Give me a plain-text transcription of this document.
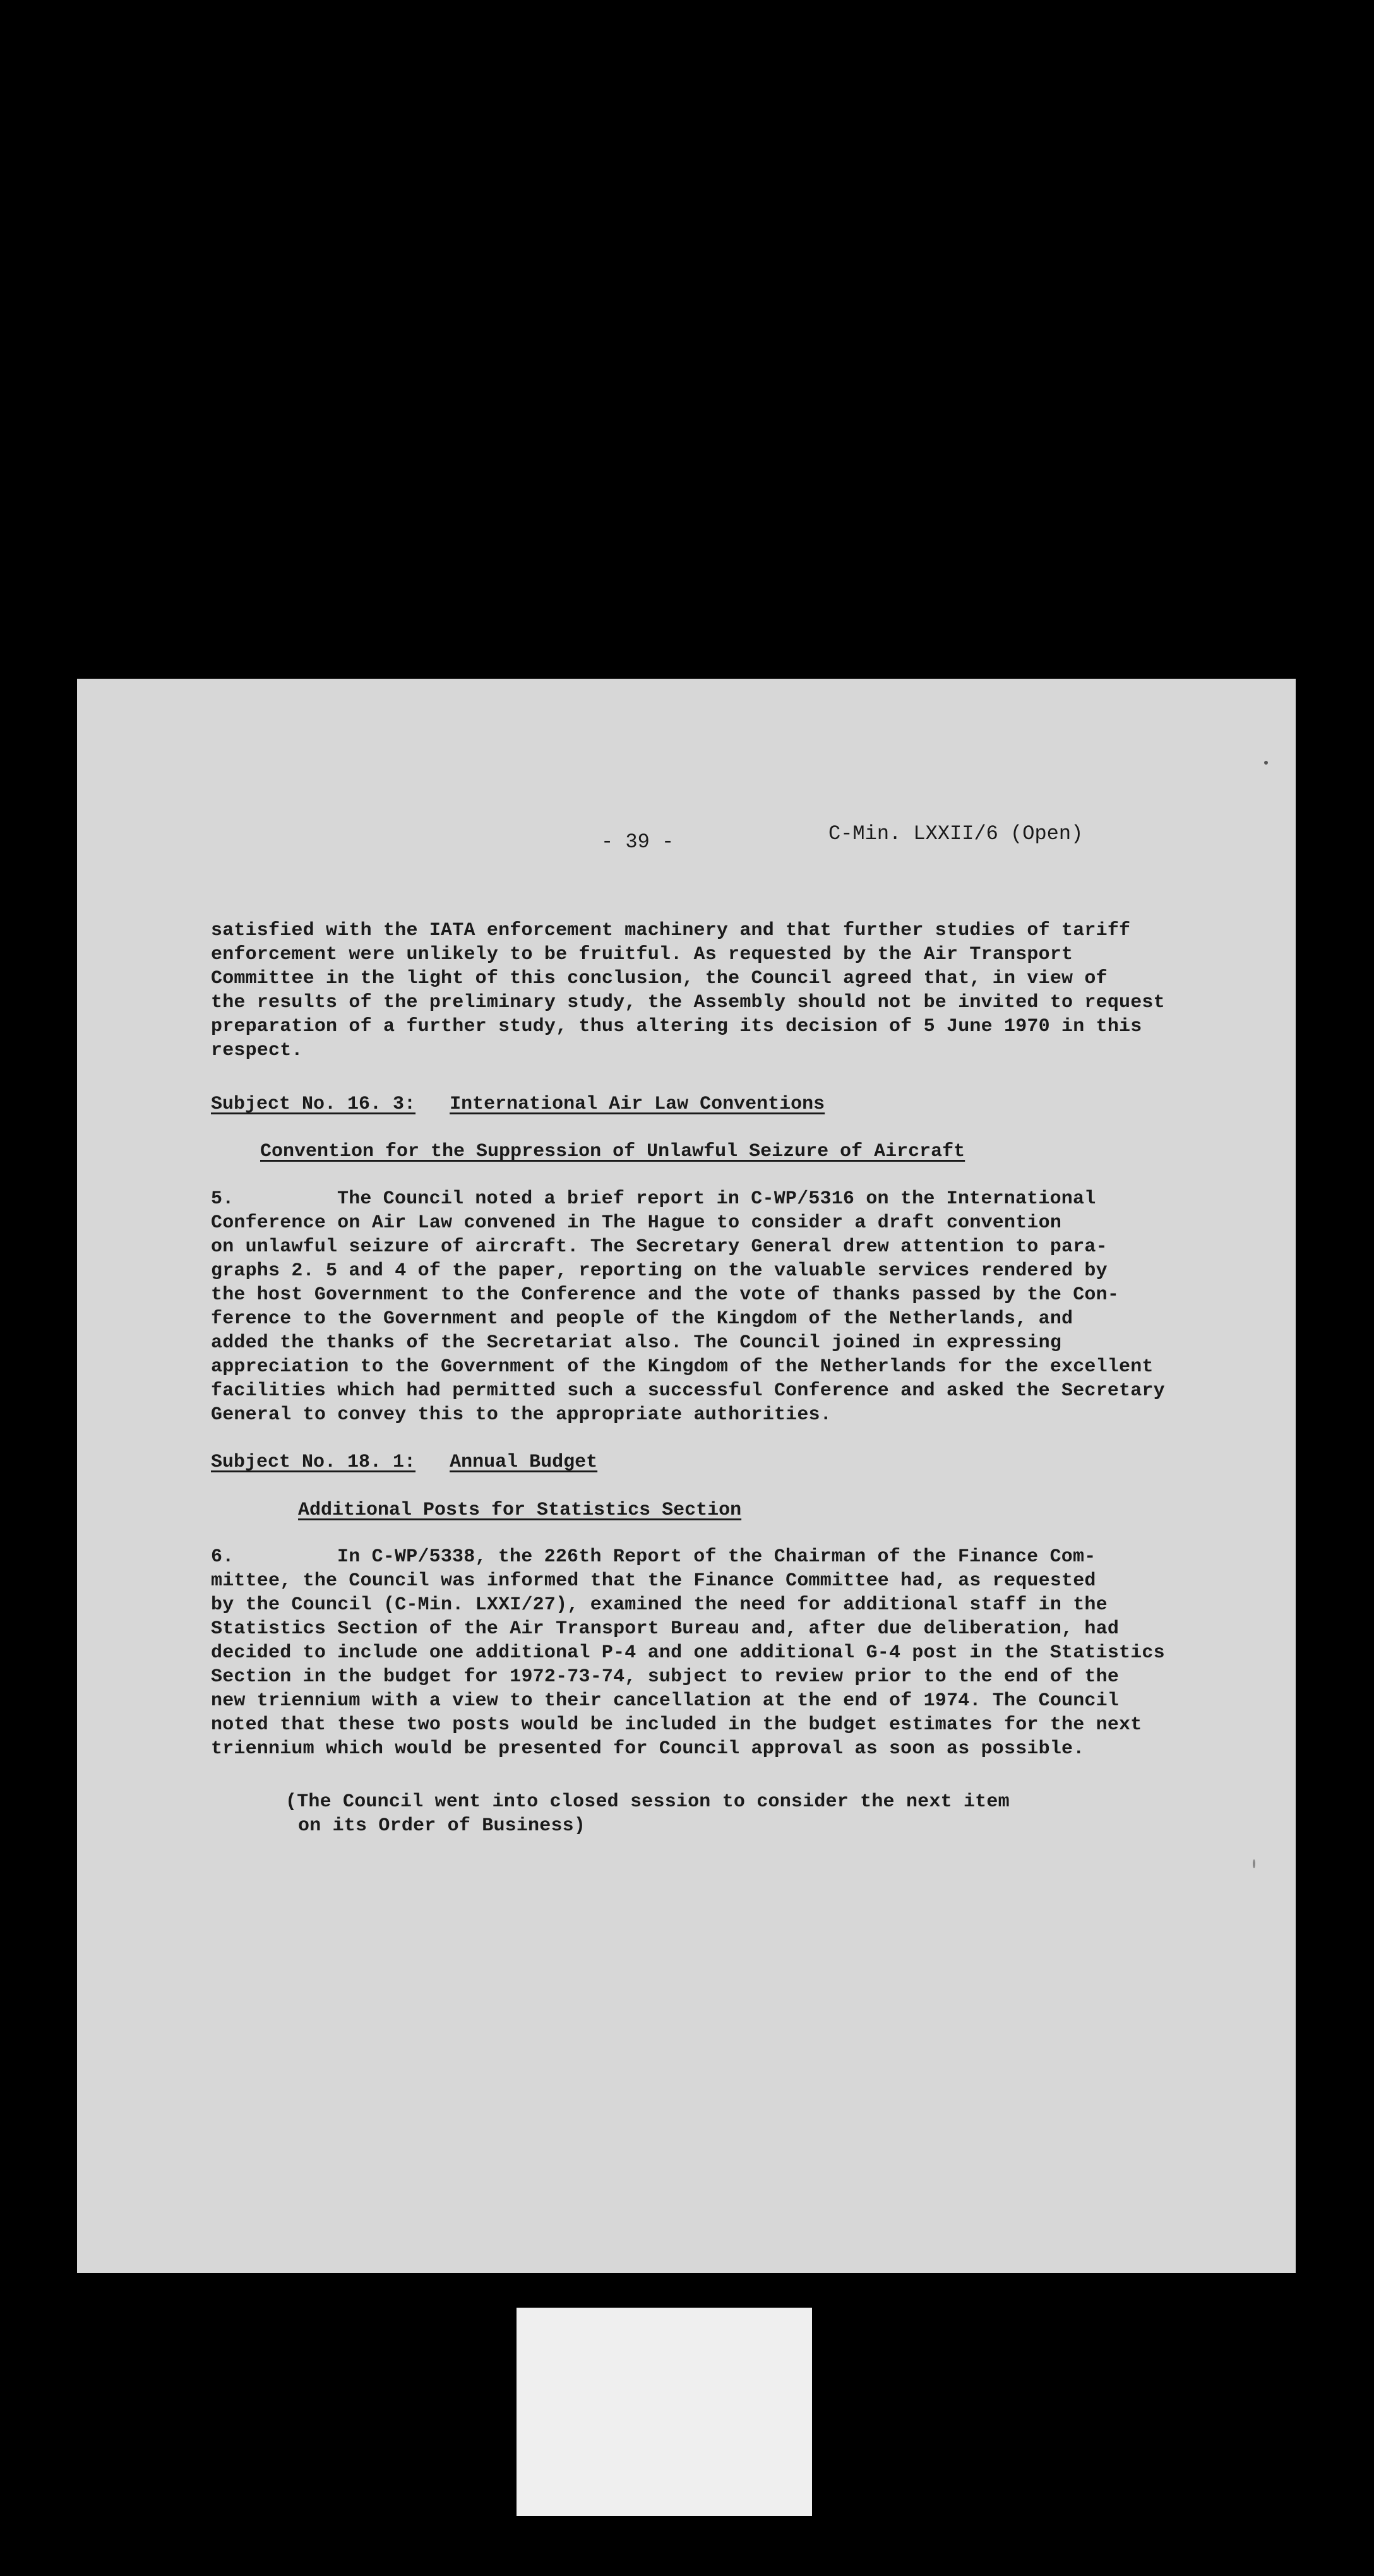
- 39 -	C-Min. LXXII/6 (Open)
satisfied with the IATA enforcement machinery and that further studies of tariff
enforcement were unlikely to be fruitful. As requested by the Air Transport
Committee in the light of this conclusion, the Council agreed that, in view of
the results of the preliminary study, the Assembly should not be invited to request
preparation of a further study, thus altering its decision of 5 June 1970 in this
respect.
Subject No. 16. 3: International Air Law Conventions
Convention for the Suppression of Unlawful Seizure of Aircraft
5.	The Council noted a brief report in C-WP/5316 on the International
Conference on Air Law convened in The Hague to consider a draft convention
on unlawful seizure of aircraft. The Secretary General drew attention to para-
graphs 2. 5 and 4 of the paper, reporting on the valuable services rendered by
the host Government to the Conference and the vote of thanks passed by the Con-
ference to the Government and people of the Kingdom of the Netherlands, and
added the thanks of the Secretariat also. The Council joined in expressing
appreciation to the Government of the Kingdom of the Netherlands for the excellent
facilities which had permitted such a successful Conference and asked the Secretary
General to convey this to the appropriate authorities.
Subject No. 18. 1: Annual Budget
Additional Posts for Statistics Section
6.	In C-WP/5338, the 226th Report of the Chairman of the Finance Com-
mittee, the Council was informed that the Finance Committee had, as requested
by the Council (C-Min. LXXI/27), examined the need for additional staff in the
Statistics Section of the Air Transport Bureau and, after due deliberation, had
decided to include one additional P-4 and one additional G-4 post in the Statistics
Section in the budget for 1972-73-74, subject to review prior to the end of the
new triennium with a view to their cancellation at the end of 1974. The Council
noted that these two posts would be included in the budget estimates for the next
triennium which would be presented for Council approval as soon as possible.
(The Council went into closed session to consider the next item
on its Order of Business)
